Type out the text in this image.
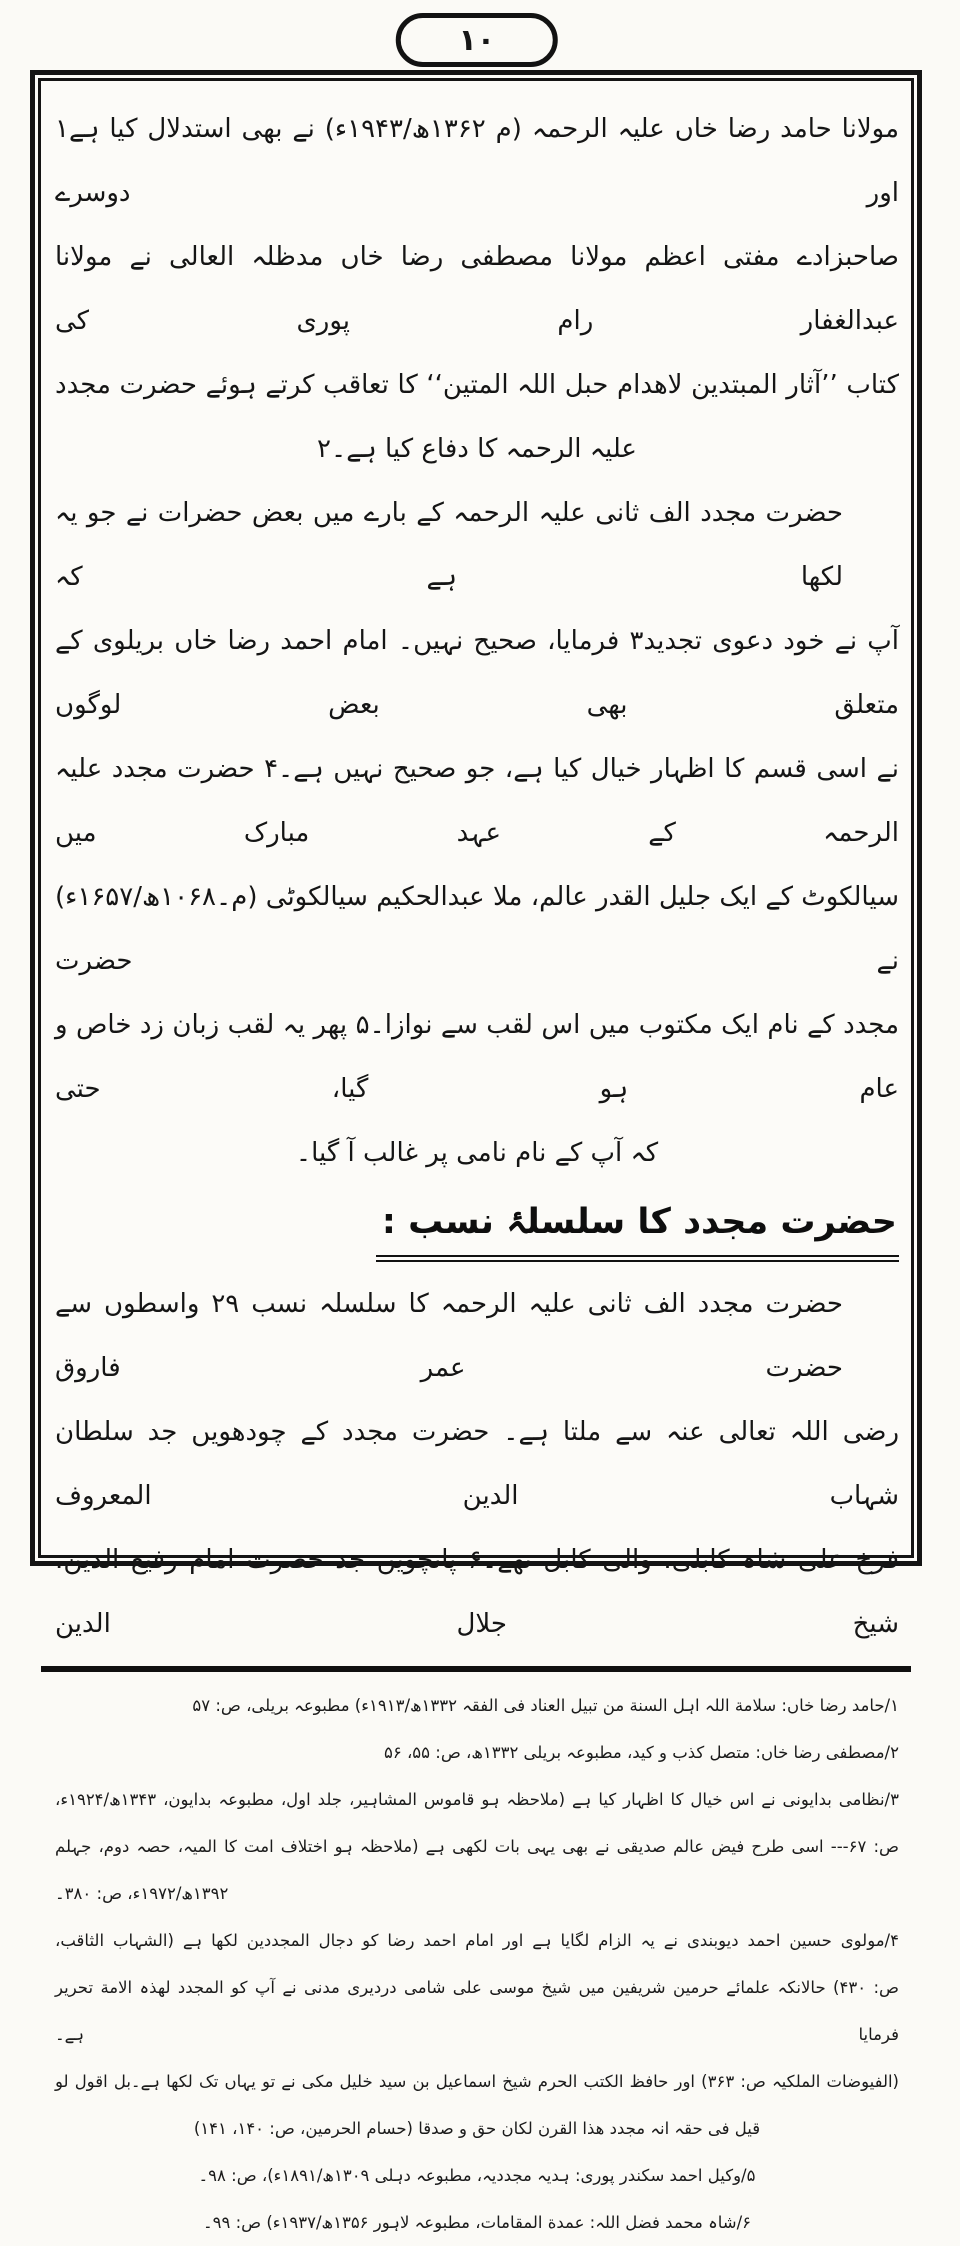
۱۰
مولانا حامد رضا خاں علیہ الرحمہ (م ۱۳۶۲ھ/۱۹۴۳ء) نے بھی استدلال کیا ہے۱ اور دوسرے
صاحبزادے مفتی اعظم مولانا مصطفی رضا خاں مدظلہ العالی نے مولانا عبدالغفار رام پوری کی
کتاب ’’آثار المبتدین لاھدام حبل اللہ المتین‘‘ کا تعاقب کرتے ہوئے حضرت مجدد
علیہ الرحمہ کا دفاع کیا ہے۔۲
حضرت مجدد الف ثانی علیہ الرحمہ کے بارے میں بعض حضرات نے جو یہ لکھا ہے کہ
آپ نے خود دعوی تجدید۳ فرمایا، صحیح نہیں۔ امام احمد رضا خاں بریلوی کے متعلق بھی بعض لوگوں
نے اسی قسم کا اظہار خیال کیا ہے، جو صحیح نہیں ہے۔۴ حضرت مجدد علیہ الرحمہ کے عہد مبارک میں
سیالکوٹ کے ایک جلیل القدر عالم، ملا عبدالحکیم سیالکوٹی (م۔۱۰۶۸ھ/۱۶۵۷ء) نے حضرت
مجدد کے نام ایک مکتوب میں اس لقب سے نوازا۔۵ پھر یہ لقب زبان زد خاص و عام ہو گیا، حتی
کہ آپ کے نام نامی پر غالب آ گیا۔
حضرت مجدد کا سلسلۂ نسب :
حضرت مجدد الف ثانی علیہ الرحمہ کا سلسلہ نسب ۲۹ واسطوں سے حضرت عمر فاروق
رضی اللہ تعالی عنہ سے ملتا ہے۔ حضرت مجدد کے چودھویں جد سلطان شہاب الدین المعروف
فرخ علی شاہ کابلی، والی کابل تھے۔۶ پانچویں جد حضرت امام رفیع الدین، شیخ جلال الدین
۱/حامد رضا خاں: سلامة اللہ اہل السنة من تبیل العناد فی الفقہ ۱۳۳۲ھ/۱۹۱۳ء) مطبوعہ بریلی، ص: ۵۷
۲/مصطفی رضا خاں: متصل کذب و کید، مطبوعہ بریلی ۱۳۳۲ھ، ص: ۵۵، ۵۶
۳/نظامی بدایونی نے اس خیال کا اظہار کیا ہے (ملاحظہ ہو قاموس المشاہیر، جلد اول، مطبوعہ بدایون، ۱۳۴۳ھ/۱۹۲۴ء،
ص: ۶۷--- اسی طرح فیض عالم صدیقی نے بھی یہی بات لکھی ہے (ملاحظہ ہو اختلاف امت کا المیہ، حصہ دوم، جہلم
۱۳۹۲ھ/۱۹۷۲ء، ص: ۳۸۰۔
۴/مولوی حسین احمد دیوبندی نے یہ الزام لگایا ہے اور امام احمد رضا کو دجال المجددین لکھا ہے (الشہاب الثاقب،
ص: ۴۳۰) حالانکہ علمائے حرمین شریفین میں شیخ موسی علی شامی دردیری مدنی نے آپ کو المجدد لھذہ الامة تحریر فرمایا ہے۔
(الفیوضات الملکیہ ص: ۳۶۳) اور حافظ الکتب الحرم شیخ اسماعیل بن سید خلیل مکی نے تو یہاں تک لکھا ہے۔بل اقول لو
قیل فی حقہ انہ مجدد ھذا القرن لکان حق و صدقا (حسام الحرمین، ص: ۱۴۰، ۱۴۱)
۵/وکیل احمد سکندر پوری: ہدیہ مجددیہ، مطبوعہ دہلی ۱۳۰۹ھ/۱۸۹۱ء)، ص: ۹۸۔
۶/شاہ محمد فضل اللہ: عمدة المقامات، مطبوعہ لاہور ۱۳۵۶ھ/۱۹۳۷ء) ص: ۹۹۔
